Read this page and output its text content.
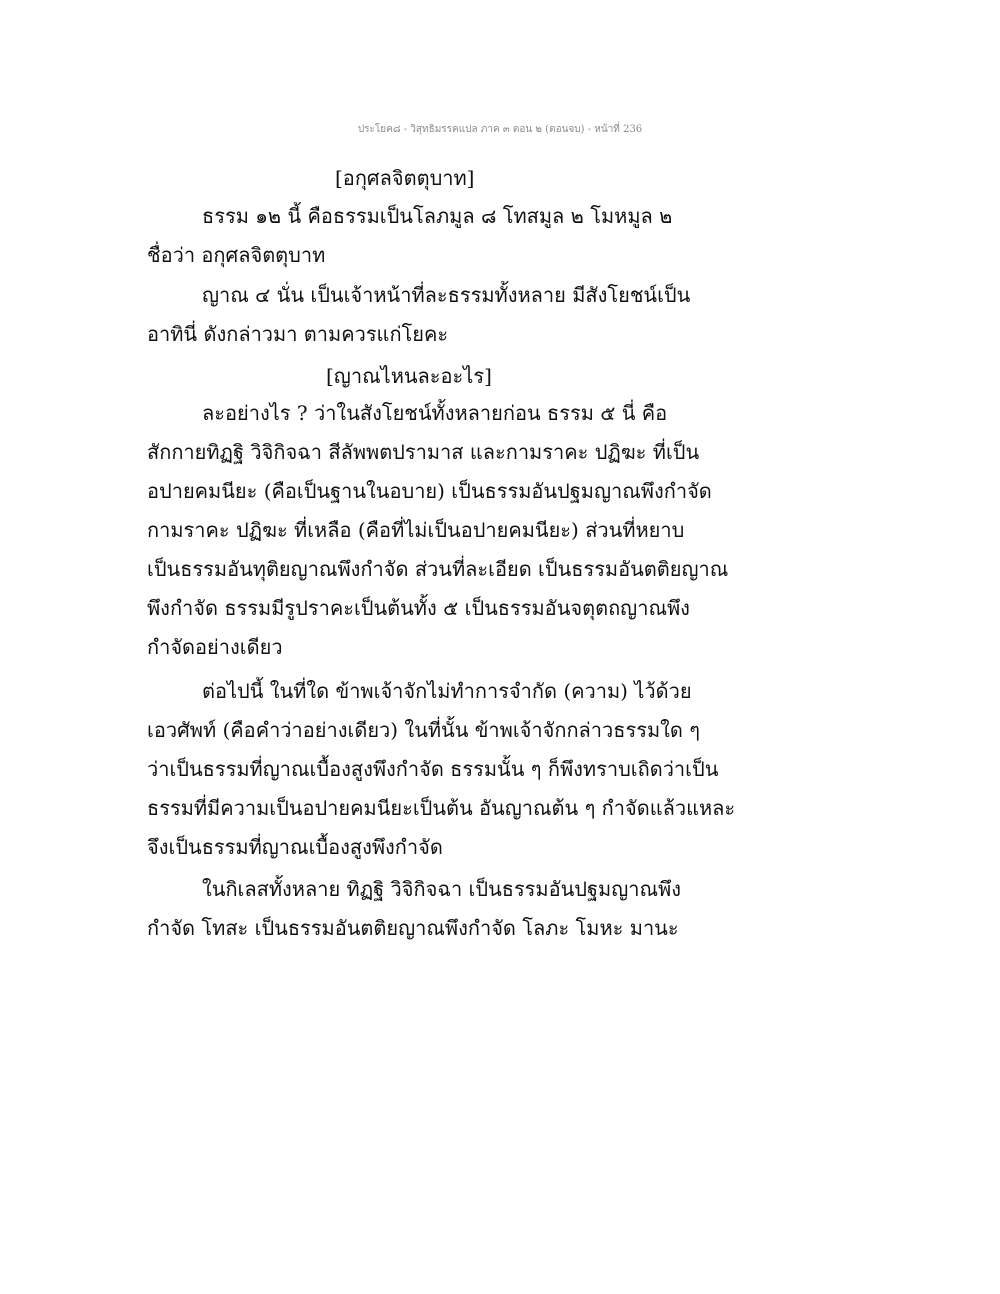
ประโยค๘ - วิสุทธิมรรคแปล ภาค ๓ ตอน ๒ (ตอนจบ) - หน้าที่ 236
[อกุศลจิตตุบาท]
ธรรม ๑๒ นี้ คือธรรมเป็นโลภมูล ๘ โทสมูล ๒ โมหมูล ๒
ชื่อว่า อกุศลจิตตุบาท
ญาณ ๔ นั่น เป็นเจ้าหน้าที่ละธรรมทั้งหลาย มีสังโยชน์เป็น
อาทินี่ ดังกล่าวมา ตามควรแก่โยคะ
[ญาณไหนละอะไร]
ละอย่างไร ? ว่าในสังโยชน์ทั้งหลายก่อน ธรรม ๕ นี่ คือ
สักกายทิฏฐิ วิจิกิจฉา สีลัพพตปรามาส และกามราคะ ปฏิฆะ ที่เป็น
อปายคมนียะ (คือเป็นฐานในอบาย) เป็นธรรมอันปฐมญาณพึงกำจัด
กามราคะ ปฏิฆะ ที่เหลือ (คือที่ไม่เป็นอปายคมนียะ) ส่วนที่หยาบ
เป็นธรรมอันทุติยญาณพึงกำจัด ส่วนที่ละเอียด เป็นธรรมอันตติยญาณ
พึงกำจัด ธรรมมีรูปราคะเป็นต้นทั้ง ๕ เป็นธรรมอันจตุตถญาณพึง
กำจัดอย่างเดียว
ต่อไปนี้ ในที่ใด ข้าพเจ้าจักไม่ทำการจำกัด (ความ) ไว้ด้วย
เอวศัพท์ (คือคำว่าอย่างเดียว) ในที่นั้น ข้าพเจ้าจักกล่าวธรรมใด ๆ
ว่าเป็นธรรมที่ญาณเบื้องสูงพึงกำจัด ธรรมนั้น ๆ ก็พึงทราบเถิดว่าเป็น
ธรรมที่มีความเป็นอปายคมนียะเป็นต้น อันญาณต้น ๆ กำจัดแล้วแหละ
จึงเป็นธรรมที่ญาณเบื้องสูงพึงกำจัด
ในกิเลสทั้งหลาย ทิฏฐิ วิจิกิจฉา เป็นธรรมอันปฐมญาณพึง
กำจัด โทสะ เป็นธรรมอันตติยญาณพึงกำจัด โลภะ โมหะ มานะ
